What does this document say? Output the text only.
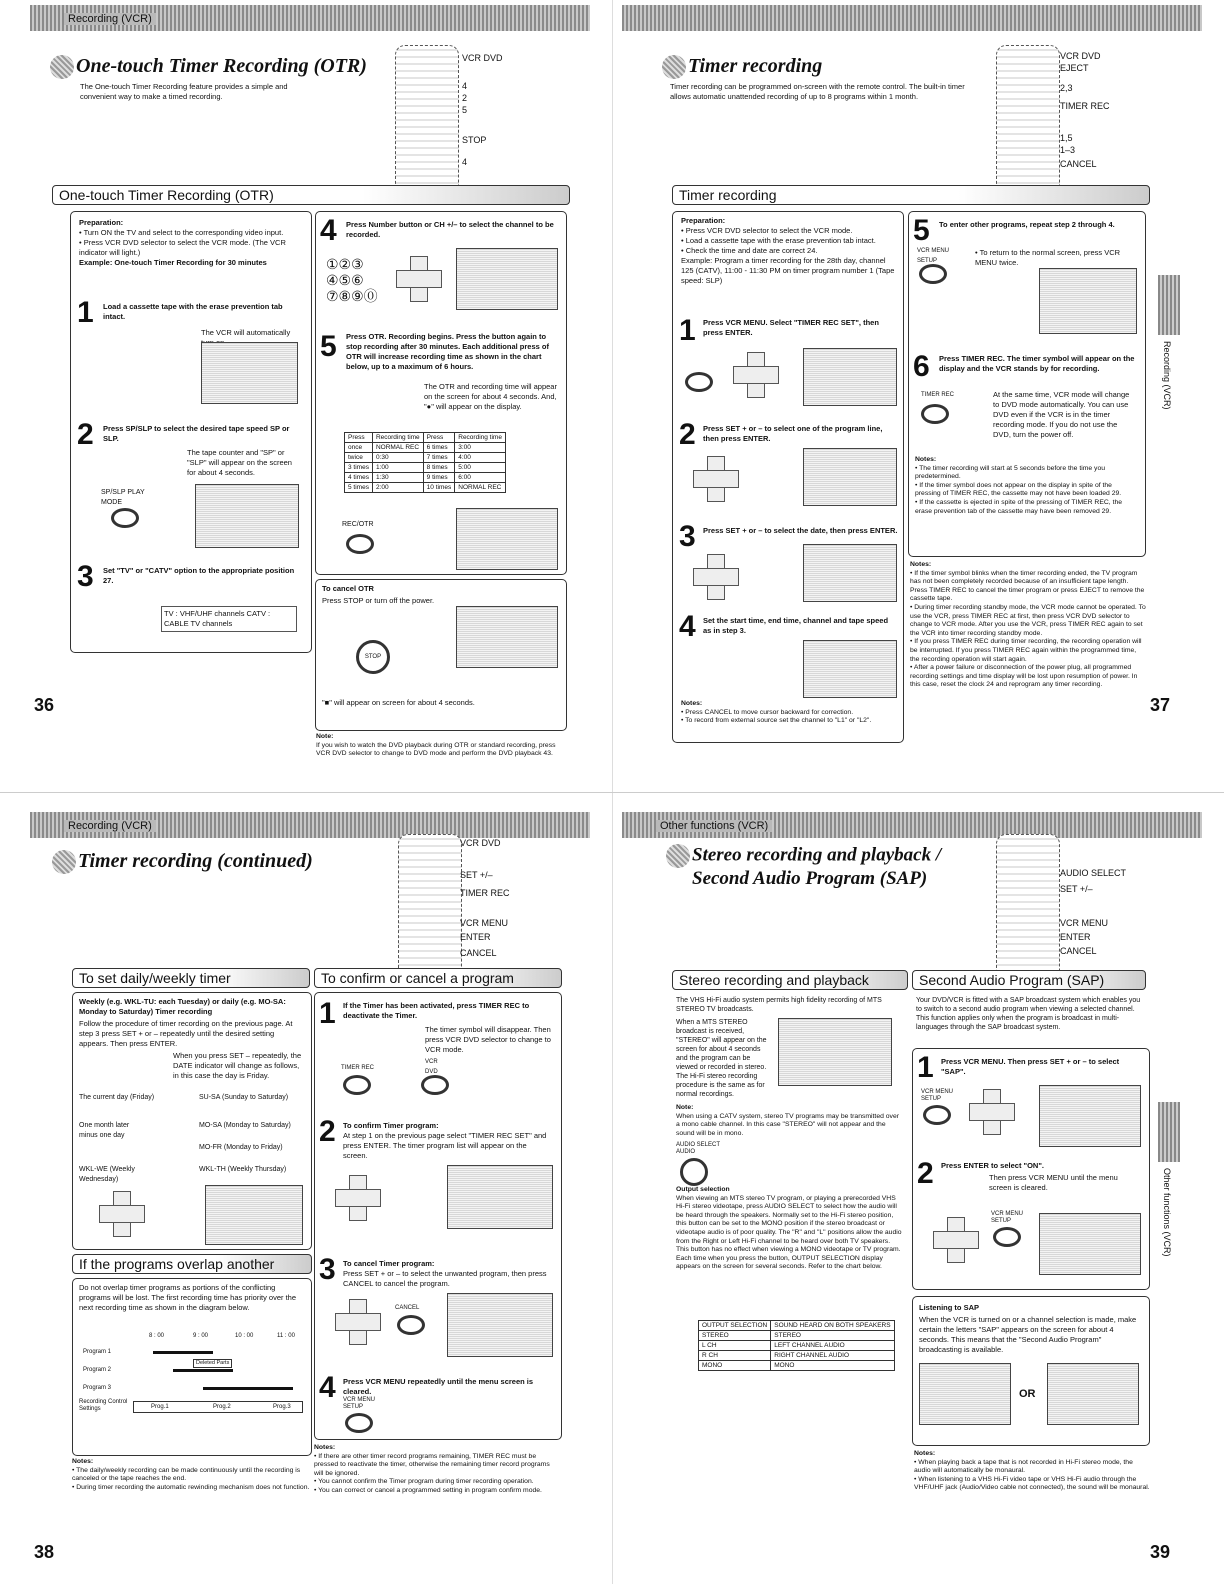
Recording (VCR)
One-touch Timer Recording (OTR)
The One-touch Timer Recording feature provides a simple and convenient way to make a timed recording.
VCR DVD
4
2
5
STOP
4
One-touch Timer Recording (OTR)
Preparation:
• Turn ON the TV and select to the corresponding video input.
• Press VCR DVD selector to select the VCR mode. (The VCR indicator will light.)
Example: One-touch Timer Recording for 30 minutes
1 Load a cassette tape with the erase prevention tab intact.
The VCR will automatically
2 Press SP/SLP to select the desired tape speed SP or SLP.
The tape counter and "SP" or "SLP" will appear on the screen for about 4 seconds.
SP/SLP PLAY MODE
3 Set "TV" or "CATV" option to the appropriate position 27.
TV : VHF/UHF channels CATV : CABLE TV channels
4 Press Number button or CH +/– to select the channel to be recorded.
①②③
④⑤⑥
⑦⑧⑨⓪
5 Press OTR. Recording begins. Press the button again to stop recording after 30 minutes. Each additional press of OTR will increase recording time as shown in the chart below, up to a maximum of 6 hours.
The OTR and recording time will appear on the screen for about 4 seconds. And, "●" will appear on the display.
Press	Recording time	Press	Recording time
once	NORMAL REC	6 times	3:00
twice	0:30	7 times	4:00
3 times	1:00	8 times	5:00
4 times	1:30	9 times	6:00
5 times	2:00	10 times	NORMAL REC
REC/OTR
To cancel OTR
Press STOP or turn off the power.
STOP
"■" will appear on screen for about 4 seconds.
Note:
If you wish to watch the DVD playback during OTR or standard recording, press VCR DVD selector to change to DVD mode and perform the DVD playback 43.
36
Timer recording
Timer recording can be programmed on-screen with the remote control. The built-in timer allows automatic unattended recording of up to 8 programs within 1 month.
VCR DVD
EJECT
2,3
TIMER REC
1,5
1–3
CANCEL
Timer recording
Preparation:
• Press VCR DVD selector to select the VCR mode.
• Load a cassette tape with the erase prevention tab intact.
• Check the time and date are correct 24.
Example: Program a timer recording for the 28th day, channel 125 (CATV), 11:00 - 11:30 PM on timer program number 1 (Tape speed: SLP)
1 Press VCR MENU. Select "TIMER REC SET", then press ENTER.
2 Press SET + or – to select one of the program line, then press ENTER.
3 Press SET + or – to select the date, then press ENTER.
4 Set the start time, end time, channel and tape speed as in step 3.
Notes:
• Press CANCEL to move cursor backward for correction.
• To record from external source set the channel to "L1" or "L2".
5 To enter other programs, repeat step 2 through 4.
VCR MENU SETUP
• To return to the normal screen, press VCR MENU twice.
6 Press TIMER REC. The timer symbol will appear on the display and the VCR stands by for recording.
TIMER REC	At the same time, VCR mode will change to DVD mode automatically. You can use DVD even if the VCR is in the timer recording mode. If you do not use the DVD, turn the power off.
Notes:
• The timer recording will start at 5 seconds before the time you predetermined.
• If the timer symbol does not appear on the display in spite of the pressing of TIMER REC, the cassette may not have been loaded 29.
• If the cassette is ejected in spite of the pressing of TIMER REC, the erase prevention tab of the cassette may have been removed 29.
Notes:
• If the timer symbol blinks when the timer recording ended, the TV program has not been completely recorded because of an insufficient tape length. Press TIMER REC to cancel the timer program or press EJECT to remove the cassette tape.
• During timer recording standby mode, the VCR mode cannot be operated. To use the VCR, press TIMER REC at first, then press VCR DVD selector to change to VCR mode. After you use the VCR, press TIMER REC again to set the VCR into timer recording standby mode.
• If you press TIMER REC during timer recording, the recording operation will be interrupted. If you press TIMER REC again within the programmed time, the recording operation will start again.
• After a power failure or disconnection of the power plug, all programmed recording settings and time display will be lost upon resumption of power. In this case, reset the clock 24 and reprogram any timer recording.
Recording (VCR)
37
Recording (VCR)
Timer recording (continued)
VCR DVD
SET +/–
TIMER REC
VCR MENU
ENTER
CANCEL
To set daily/weekly timer
Weekly (e.g. WKL-TU: each Tuesday) or daily (e.g. MO-SA: Monday to Saturday) Timer recording
Follow the procedure of timer recording on the previous page. At step 3 press SET + or – repeatedly until the desired setting appears. Then press ENTER.
When you press SET – repeatedly, the DATE indicator will change as follows, in this case the day is Friday.
The current day (Friday)	SU-SA (Sunday to Saturday)
MO-SA (Monday to Saturday)
MO-FR (Monday to Friday)
WKL-TH (Weekly Thursday)
WKL-WE (Weekly Wednesday)
One month later minus one day
If the programs overlap another
Do not overlap timer programs as portions of the conflicting programs will be lost. The first recording time has priority over the next recording time as shown in the diagram below.
8 : 00	9 : 00	10 : 00	11 : 00
Program 1
Program 2
Program 3
Recording Control Settings
Deleted Parts
Prog.1	Prog.2	Prog.3
Notes:
• The daily/weekly recording can be made continuously until the recording is canceled or the tape reaches the end.
• During timer recording the automatic rewinding mechanism does not function.
To confirm or cancel a program
1 If the Timer has been activated, press TIMER REC to deactivate the Timer.
The timer symbol will disappear. Then press VCR DVD selector to change to VCR mode.
TIMER REC
VCR DVD
2 To confirm Timer program:
At step 1 on the previous page select "TIMER REC SET" and press ENTER. The timer program list will appear on the screen.
3 To cancel Timer program:
Press SET + or – to select the unwanted program, then press CANCEL to cancel the program.
CANCEL
4 Press VCR MENU repeatedly until the menu screen is cleared.
VCR MENU SETUP
Notes:
• If there are other timer record programs remaining, TIMER REC must be pressed to reactivate the timer, otherwise the remaining timer record programs will be ignored.
• You cannot confirm the Timer program during timer recording operation.
• You can correct or cancel a programmed setting in program confirm mode.
38
Other functions (VCR)
Stereo recording and playback /
Second Audio Program (SAP)	AUDIO SELECT
SET +/–
VCR MENU
ENTER
CANCEL
Stereo recording and playback
The VHS Hi-Fi audio system permits high fidelity recording of MTS STEREO TV broadcasts.
When a MTS STEREO broadcast is received, "STEREO" will appear on the screen for about 4 seconds and the program can be viewed or recorded in stereo. The Hi-Fi stereo recording procedure is the same as for normal recordings.
Note:
When using a CATV system, stereo TV programs may be transmitted over a mono cable channel. In this case "STEREO" will not appear and the sound will be in mono.
AUDIO SELECT AUDIO
Output selection
When viewing an MTS stereo TV program, or playing a prerecorded VHS Hi-Fi stereo videotape, press AUDIO SELECT to select how the audio will be heard through the speakers. Normally set to the Hi-Fi stereo position, this button can be set to the MONO position if the stereo broadcast or videotape audio is of poor quality. The "R" and "L" positions allow the audio from the Right or Left Hi-Fi channel to be heard over both TV speakers. This button has no effect when viewing a MONO videotape or TV program. Each time when you press the button, OUTPUT SELECTION display appears on the screen for several seconds. Refer to the chart below.
OUTPUT SELECTION	SOUND HEARD ON BOTH SPEAKERS
STEREO	STEREO
L CH	LEFT CHANNEL AUDIO
R CH	RIGHT CHANNEL AUDIO
MONO	MONO
Second Audio Program (SAP)
Your DVD/VCR is fitted with a SAP broadcast system which enables you to switch to a second audio program when viewing a selected channel. This function applies only when the program is broadcast in multi-languages through the SAP broadcast system.
1 Press VCR MENU. Then press SET + or – to select "SAP".
VCR MENU SETUP
2 Press ENTER to select "ON".
Then press VCR MENU until the menu screen is cleared.
VCR MENU SETUP
Listening to SAP
When the VCR is turned on or a channel selection is made, make certain the letters "SAP" appears on the screen for about 4 seconds. This means that the "Second Audio Program" broadcasting is available.
OR
Notes:
• When playing back a tape that is not recorded in Hi-Fi stereo mode, the audio will automatically be monaural.
• When listening to a VHS Hi-Fi video tape or VHS Hi-Fi audio through the VHF/UHF jack (Audio/Video cable not connected), the sound will be monaural.
Other functions (VCR)
39
